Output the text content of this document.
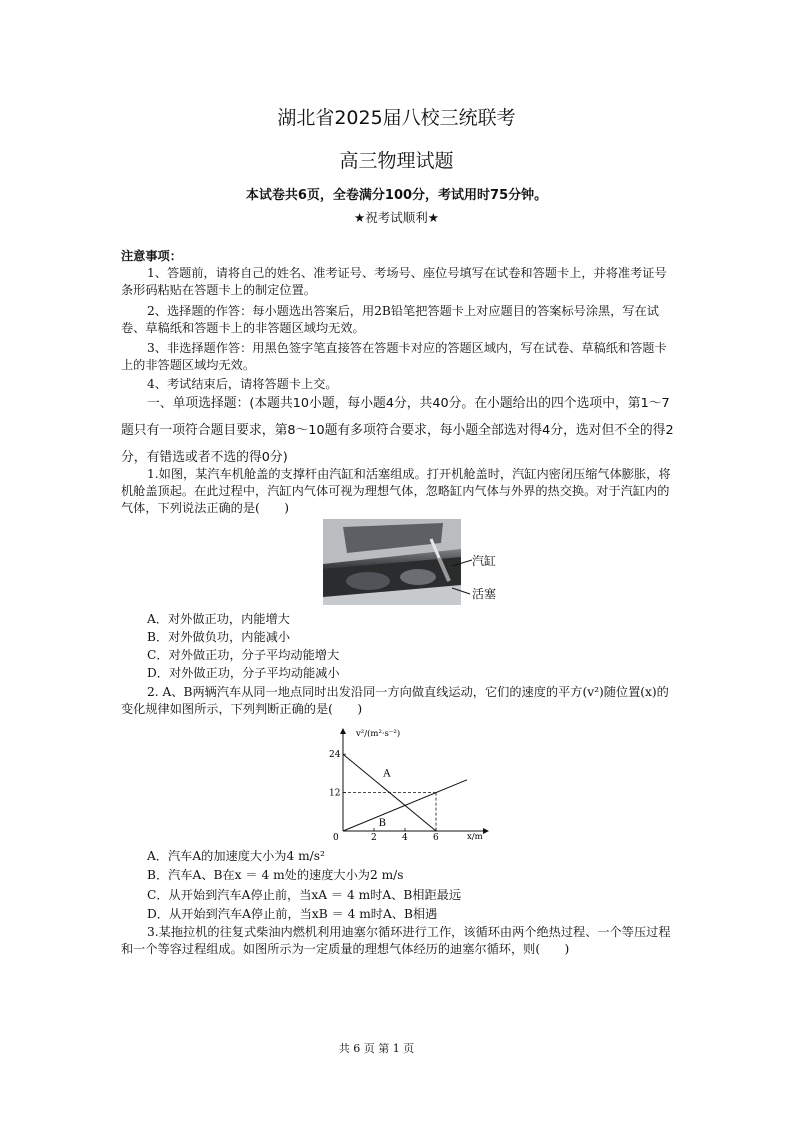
湖北省2025届八校三统联考
高三物理试题
本试卷共6页，全卷满分100分，考试用时75分钟。
★祝考试顺利★
注意事项：

1、答题前，请将自己的姓名、准考证号、考场号、座位号填写在试卷和答题卡上，并将准考证号条形码粘贴在答题卡上的制定位置。

2、选择题的作答：每小题选出答案后，用2B铅笔把答题卡上对应题目的答案标号涂黑，写在试卷、草稿纸和答题卡上的非答题区域均无效。

3、非选择题作答：用黑色签字笔直接答在答题卡对应的答题区域内，写在试卷、草稿纸和答题卡上的非答题区域均无效。

4、考试结束后，请将答题卡上交。

一、单项选择题：(本题共10小题，每小题4分，共40分。在小题给出的四个选项中，第1～7题只有一项符合题目要求，第8～10题有多项符合要求，每小题全部选对得4分，选对但不全的得2分，有错选或者不选的得0分)

1.如图，某汽车机舱盖的支撑杆由汽缸和活塞组成。打开机舱盖时，汽缸内密闭压缩气体膨胀，将机舱盖顶起。在此过程中，汽缸内气体可视为理想气体，忽略缸内气体与外界的热交换。对于汽缸内的气体，下列说法正确的是(　　)

汽缸
活塞
A．对外做正功，内能增大
B．对外做负功，内能减小
C．对外做正功，分子平均动能增大
D．对外做正功，分子平均动能减小

2. A、B两辆汽车从同一地点同时出发沿同一方向做直线运动，它们的速度的平方(v²)随位置(x)的变化规律如图所示，下列判断正确的是(　　)

v²/(m²·s⁻²)
x/m
A
B
0	2	4	6
12
24
A．汽车A的加速度大小为4 m/s²
B．汽车A、B在x ＝ 4 m处的速度大小为2 m/s
C．从开始到汽车A停止前，当xA ＝ 4 m时A、B相距最远
D．从开始到汽车A停止前，当xB ＝ 4 m时A、B相遇

3.某拖拉机的往复式柴油内燃机利用迪塞尔循环进行工作，该循环由两个绝热过程、一个等压过程和一个等容过程组成。如图所示为一定质量的理想气体经历的迪塞尔循环，则(　　)

共 6 页 第 1 页
